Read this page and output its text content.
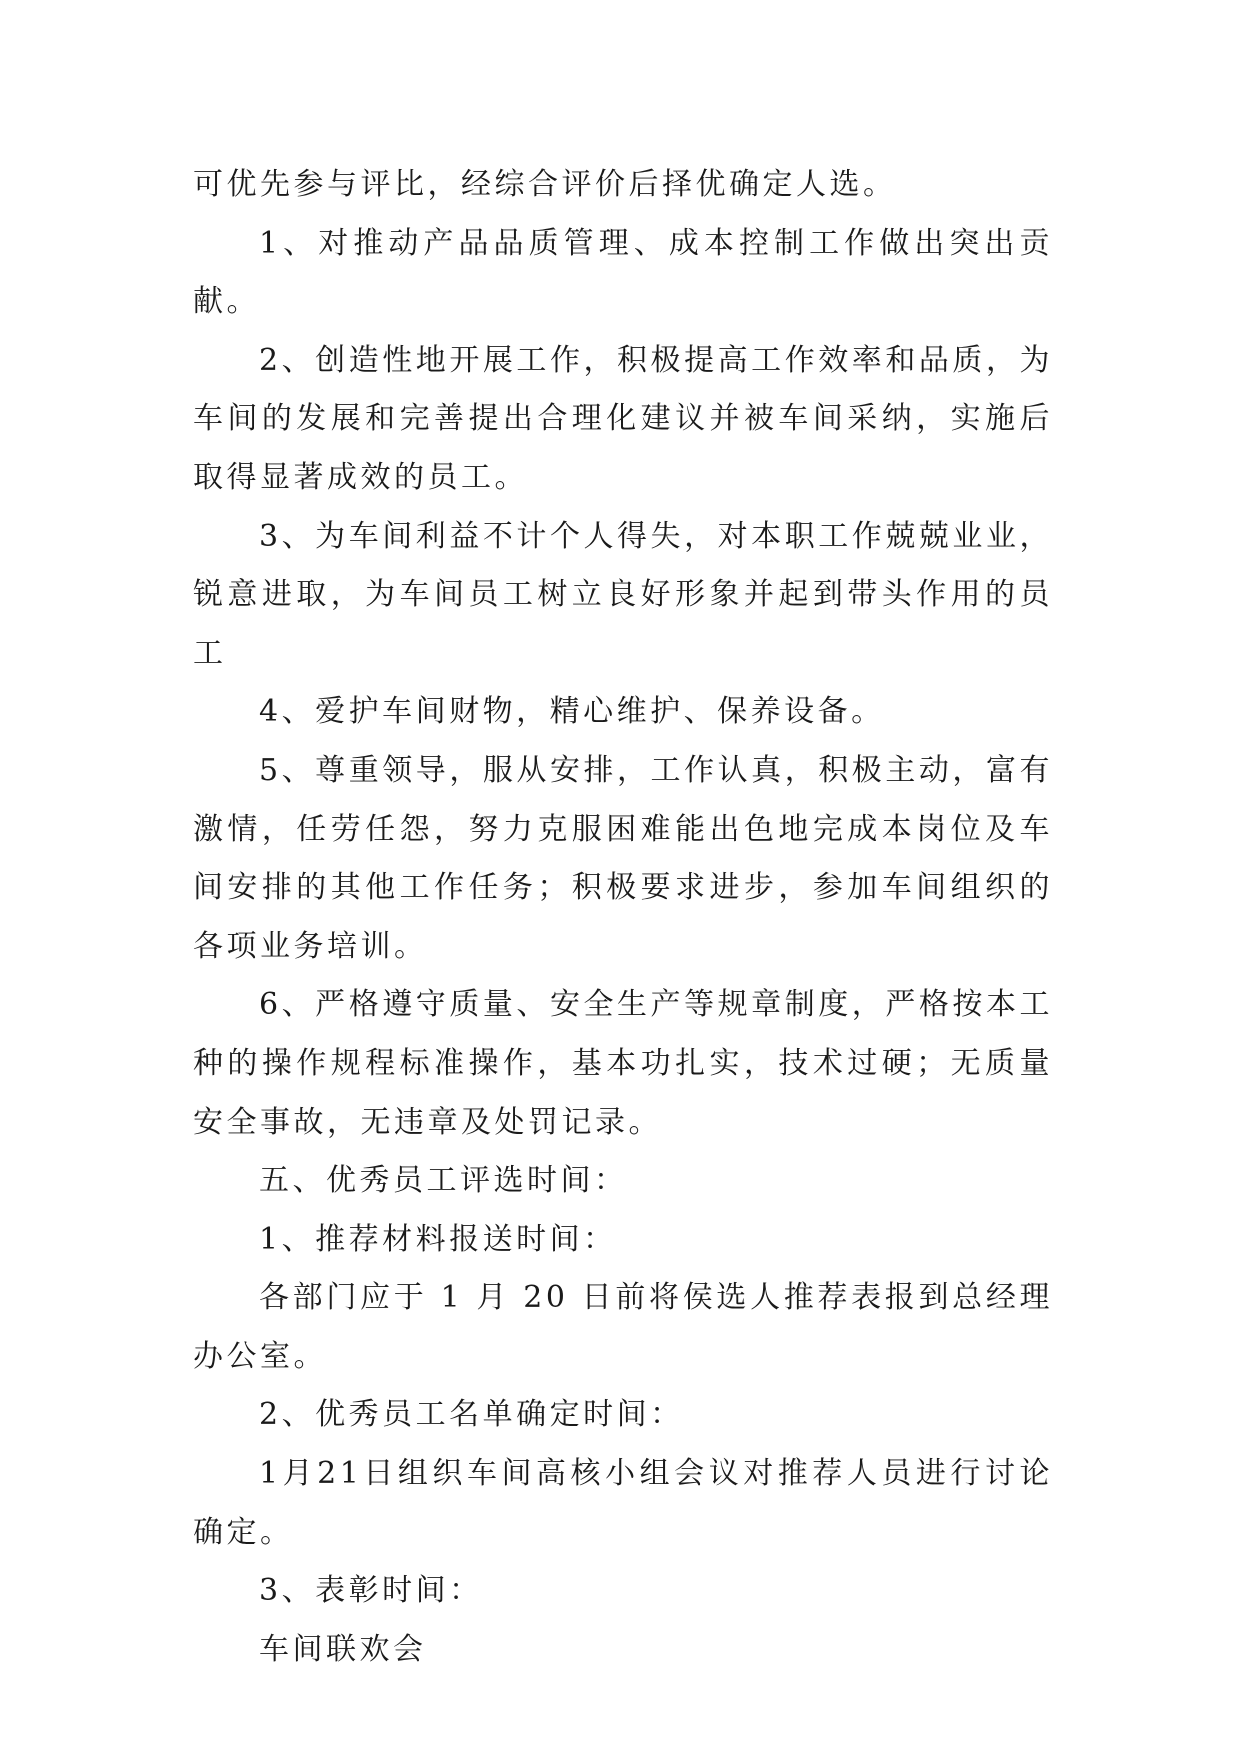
可优先参与评比，经综合评价后择优确定人选。

1、对推动产品品质管理、成本控制工作做出突出贡献。

2、创造性地开展工作，积极提高工作效率和品质，为车间的发展和完善提出合理化建议并被车间采纳，实施后取得显著成效的员工。

3、为车间利益不计个人得失，对本职工作兢兢业业，锐意进取，为车间员工树立良好形象并起到带头作用的员工

4、爱护车间财物，精心维护、保养设备。

5、尊重领导，服从安排，工作认真，积极主动，富有激情，任劳任怨，努力克服困难能出色地完成本岗位及车间安排的其他工作任务；积极要求进步，参加车间组织的各项业务培训。

6、严格遵守质量、安全生产等规章制度，严格按本工种的操作规程标准操作，基本功扎实，技术过硬；无质量安全事故，无违章及处罚记录。

五、优秀员工评选时间：

1、推荐材料报送时间：

各部门应于 1 月 20 日前将侯选人推荐表报到总经理办公室。

2、优秀员工名单确定时间：

1月21日组织车间高核小组会议对推荐人员进行讨论确定。

3、表彰时间：

车间联欢会
